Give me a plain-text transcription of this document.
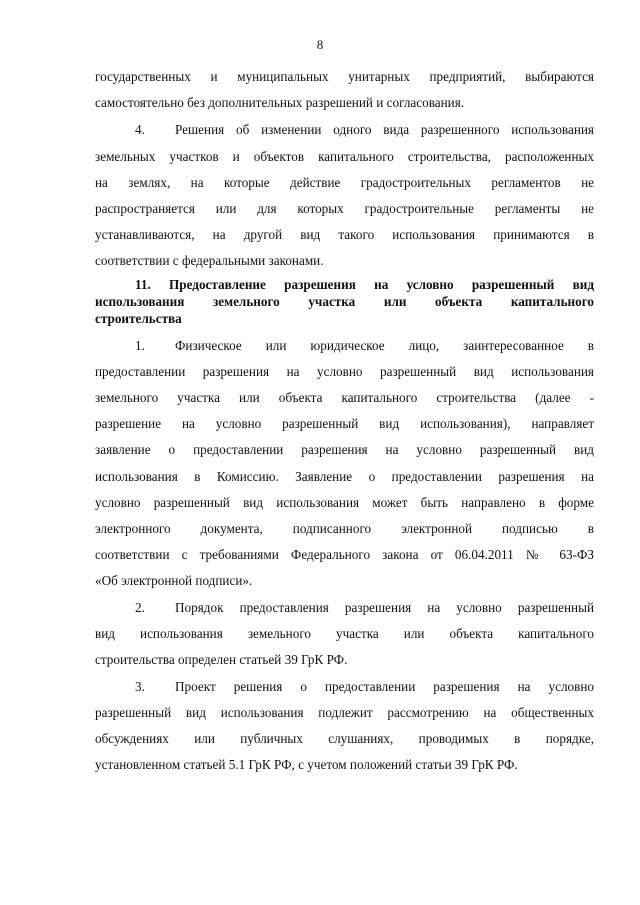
8
государственных и муниципальных унитарных предприятий, выбираются
самостоятельно без дополнительных разрешений и согласования.
4. Решения об изменении одного вида разрешенного использования
земельных участков и объектов капитального строительства, расположенных
на землях, на которые действие градостроительных регламентов не
распространяется или для которых градостроительные регламенты не
устанавливаются, на другой вид такого использования принимаются в
соответствии с федеральными законами.
11. Предоставление разрешения на условно разрешенный вид
использования земельного участка или объекта капитального
строительства
1. Физическое или юридическое лицо, заинтересованное в
предоставлении разрешения на условно разрешенный вид использования
земельного участка или объекта капитального строительства (далее -
разрешение на условно разрешенный вид использования), направляет
заявление о предоставлении разрешения на условно разрешенный вид
использования в Комиссию. Заявление о предоставлении разрешения на
условно разрешенный вид использования может быть направлено в форме
электронного документа, подписанного электронной подписью в
соответствии с требованиями Федерального закона от 06.04.2011 № 63-ФЗ
«Об электронной подписи».
2. Порядок предоставления разрешения на условно разрешенный
вид использования земельного участка или объекта капитального
строительства определен статьей 39 ГрК РФ.
3. Проект решения о предоставлении разрешения на условно
разрешенный вид использования подлежит рассмотрению на общественных
обсуждениях или публичных слушаниях, проводимых в порядке,
установленном статьей 5.1 ГрК РФ, с учетом положений статьи 39 ГрК РФ.
